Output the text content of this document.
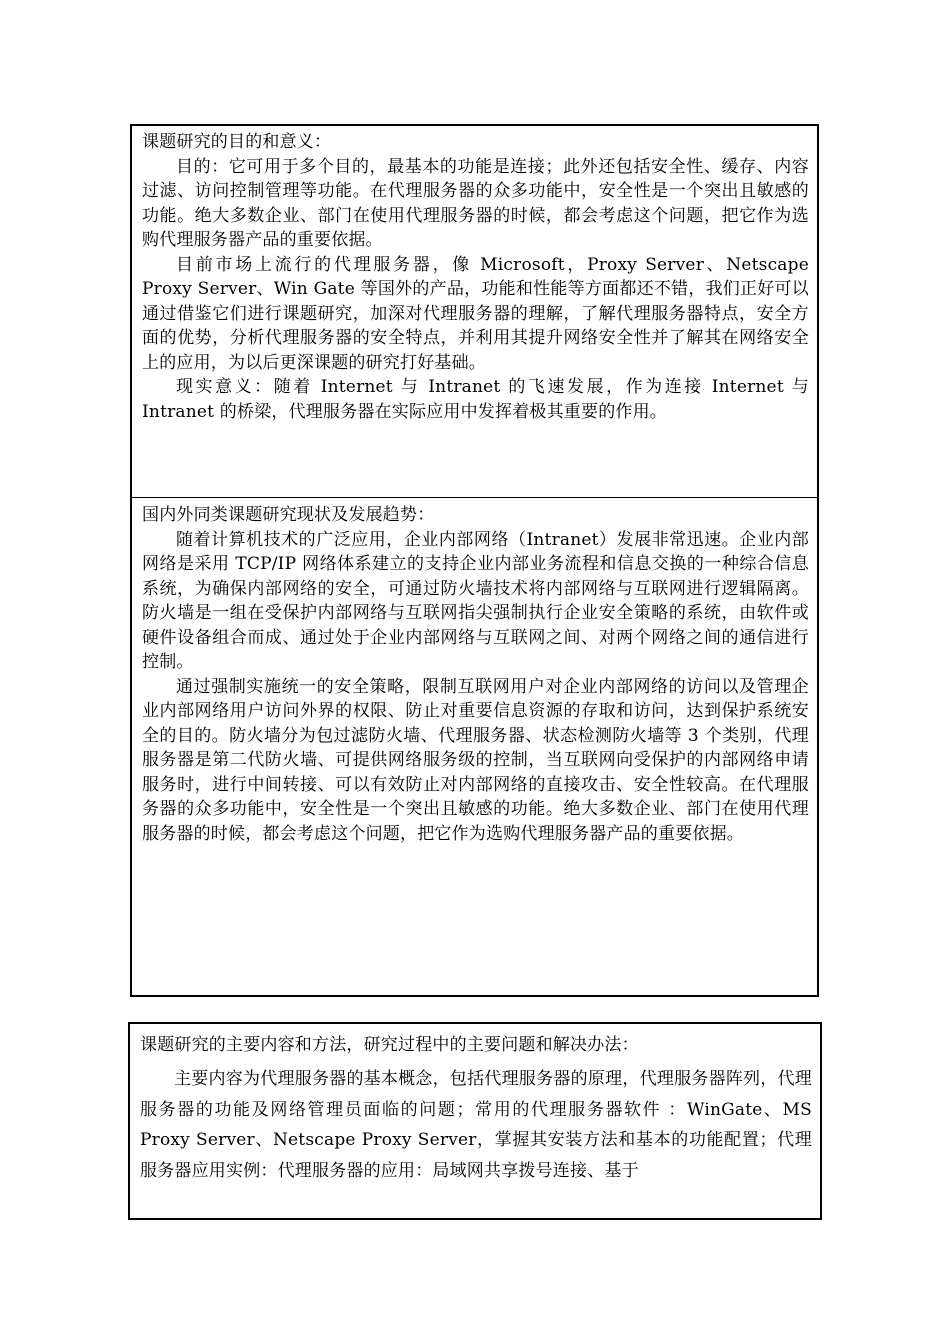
课题研究的目的和意义：

目的：它可用于多个目的，最基本的功能是连接；此外还包括安全性、缓存、内容过滤、访问控制管理等功能。在代理服务器的众多功能中，安全性是一个突出且敏感的功能。绝大多数企业、部门在使用代理服务器的时候，都会考虑这个问题，把它作为选购代理服务器产品的重要依据。

目前市场上流行的代理服务器，像 Microsoft，Proxy Server、Netscape Proxy Server、Win Gate 等国外的产品，功能和性能等方面都还不错，我们正好可以通过借鉴它们进行课题研究，加深对代理服务器的理解，了解代理服务器特点，安全方面的优势，分析代理服务器的安全特点，并利用其提升网络安全性并了解其在网络安全上的应用，为以后更深课题的研究打好基础。

现实意义：随着 Internet 与 Intranet 的飞速发展，作为连接 Internet 与 Intranet 的桥梁，代理服务器在实际应用中发挥着极其重要的作用。

国内外同类课题研究现状及发展趋势：

随着计算机技术的广泛应用，企业内部网络（Intranet）发展非常迅速。企业内部网络是采用 TCP/IP 网络体系建立的支持企业内部业务流程和信息交换的一种综合信息系统，为确保内部网络的安全，可通过防火墙技术将内部网络与互联网进行逻辑隔离。防火墙是一组在受保护内部网络与互联网指尖强制执行企业安全策略的系统，由软件或硬件设备组合而成、通过处于企业内部网络与互联网之间、对两个网络之间的通信进行控制。

通过强制实施统一的安全策略，限制互联网用户对企业内部网络的访问以及管理企业内部网络用户访问外界的权限、防止对重要信息资源的存取和访问，达到保护系统安全的目的。防火墙分为包过滤防火墙、代理服务器、状态检测防火墙等 3 个类别，代理服务器是第二代防火墙、可提供网络服务级的控制，当互联网向受保护的内部网络申请服务时，进行中间转接、可以有效防止对内部网络的直接攻击、安全性较高。在代理服务器的众多功能中，安全性是一个突出且敏感的功能。绝大多数企业、部门在使用代理服务器的时候，都会考虑这个问题，把它作为选购代理服务器产品的重要依据。

课题研究的主要内容和方法，研究过程中的主要问题和解决办法：

主要内容为代理服务器的基本概念，包括代理服务器的原理，代理服务器阵列，代理服务器的功能及网络管理员面临的问题；常用的代理服务器软件 ：WinGate、MS Proxy Server、Netscape Proxy Server，掌握其安装方法和基本的功能配置；代理服务器应用实例：代理服务器的应用：局域网共享拨号连接、基于
